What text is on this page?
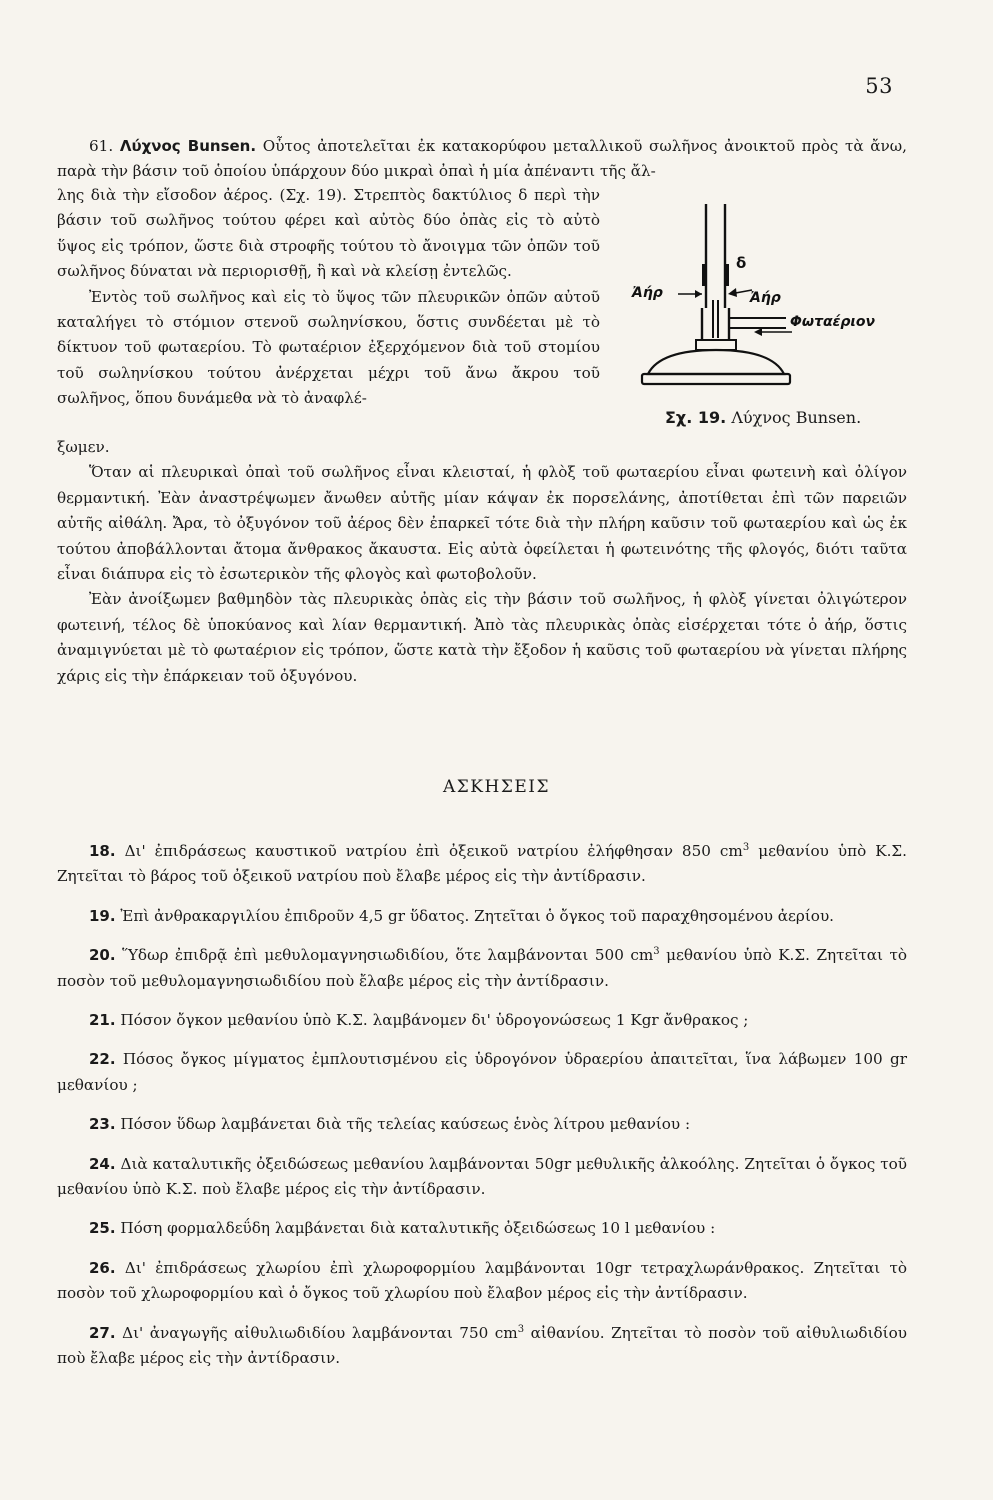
53

61. Λύχνος Bunsen. Οὗτος ἀποτελεῖται ἐκ κατακορύφου μεταλλικοῦ σωλῆνος ἀνοικτοῦ πρὸς τὰ ἄνω, παρὰ τὴν βάσιν τοῦ ὁποίου ὑπάρχουν δύο μικραὶ ὀπαὶ ἡ μία ἀπέναντι τῆς ἄλ-

λης διὰ τὴν εἴσοδον ἀέρος. (Σχ. 19). Στρεπτὸς δακτύλιος δ περὶ τὴν βάσιν τοῦ σωλῆνος τούτου φέρει καὶ αὐτὸς δύο ὀπὰς εἰς τὸ αὐτὸ ὕψος εἰς τρόπον, ὥστε διὰ στροφῆς τούτου τὸ ἄνοιγμα τῶν ὀπῶν τοῦ σωλῆνος δύναται νὰ περιορισθῇ, ἢ καὶ νὰ κλείσῃ ἐντελῶς.

Ἐντὸς τοῦ σωλῆνος καὶ εἰς τὸ ὕψος τῶν πλευρικῶν ὀπῶν αὐτοῦ καταλήγει τὸ στόμιον στενοῦ σωληνίσκου, ὅστις συνδέεται μὲ τὸ δίκτυον τοῦ φωταερίου. Τὸ φωταέριον ἐξερχόμενον διὰ τοῦ στομίου τοῦ σωληνίσκου τούτου ἀνέρχεται μέχρι τοῦ ἄνω ἄκρου τοῦ σωλῆνος, ὅπου δυνάμεθα νὰ τὸ ἀναφλέ-

δ
Ἀήρ	Ἀήρ
Φωταέριον
Σχ. 19. Λύχνος Bunsen.

ξωμεν.

Ὅταν αἱ πλευρικαὶ ὀπαὶ τοῦ σωλῆνος εἶναι κλεισταί, ἡ φλὸξ τοῦ φωταερίου εἶναι φωτεινὴ καὶ ὀλίγον θερμαντική. Ἐὰν ἀναστρέψωμεν ἄνωθεν αὐτῆς μίαν κάψαν ἐκ πορσελάνης, ἀποτίθεται ἐπὶ τῶν παρειῶν αὐτῆς αἰθάλη. Ἄρα, τὸ ὀξυγόνον τοῦ ἀέρος δὲν ἐπαρκεῖ τότε διὰ τὴν πλήρη καῦσιν τοῦ φωταερίου καὶ ὡς ἐκ τούτου ἀποβάλλονται ἄτομα ἄνθρακος ἄκαυστα. Εἰς αὐτὰ ὀφείλεται ἡ φωτεινότης τῆς φλογός, διότι ταῦτα εἶναι διάπυρα εἰς τὸ ἐσωτερικὸν τῆς φλογὸς καὶ φωτοβολοῦν.

Ἐὰν ἀνοίξωμεν βαθμηδὸν τὰς πλευρικὰς ὀπὰς εἰς τὴν βάσιν τοῦ σωλῆνος, ἡ φλὸξ γίνεται ὀλιγώτερον φωτεινή, τέλος δὲ ὑποκύανος καὶ λίαν θερμαντική. Ἀπὸ τὰς πλευρικὰς ὀπὰς εἰσέρχεται τότε ὁ ἀήρ, ὅστις ἀναμιγνύεται μὲ τὸ φωταέριον εἰς τρόπον, ὥστε κατὰ τὴν ἔξοδον ἡ καῦσις τοῦ φωταερίου νὰ γίνεται πλήρης χάρις εἰς τὴν ἐπάρκειαν τοῦ ὀξυγόνου.

ΑΣΚΗΣΕΙΣ

18. Δι' ἐπιδράσεως καυστικοῦ νατρίου ἐπὶ ὀξεικοῦ νατρίου ἐλήφθησαν 850 $cm^3$ μεθανίου ὑπὸ Κ.Σ. Ζητεῖται τὸ βάρος τοῦ ὀξεικοῦ νατρίου ποὺ ἔλαβε μέρος εἰς τὴν ἀντίδρασιν.

19. Ἐπὶ ἀνθρακαργιλίου ἐπιδροῦν 4,5 gr ὕδατος. Ζητεῖται ὁ ὄγκος τοῦ παραχθησομένου ἀερίου.

20. Ὕδωρ ἐπιδρᾷ ἐπὶ μεθυλομαγνησιωδιδίου, ὅτε λαμβάνονται 500 $cm^3$ μεθανίου ὑπὸ Κ.Σ. Ζητεῖται τὸ ποσὸν τοῦ μεθυλομαγνησιωδιδίου ποὺ ἔλαβε μέρος εἰς τὴν ἀντίδρασιν.

21. Πόσον ὄγκον μεθανίου ὑπὸ Κ.Σ. λαμβάνομεν δι' ὑδρογονώσεως 1 Kgr ἄνθρακος ;

22. Πόσος ὄγκος μίγματος ἐμπλουτισμένου εἰς ὑδρογόνον ὑδραερίου ἀπαιτεῖται, ἵνα λάβωμεν 100 gr μεθανίου ;

23. Πόσον ὕδωρ λαμβάνεται διὰ τῆς τελείας καύσεως ἑνὸς λίτρου μεθανίου :

24. Διὰ καταλυτικῆς ὀξειδώσεως μεθανίου λαμβάνονται 50gr μεθυλικῆς ἀλκοόλης. Ζητεῖται ὁ ὄγκος τοῦ μεθανίου ὑπὸ Κ.Σ. ποὺ ἔλαβε μέρος εἰς τὴν ἀντίδρασιν.

25. Πόση φορμαλδεΰδη λαμβάνεται διὰ καταλυτικῆς ὀξειδώσεως 10 l μεθανίου :

26. Δι' ἐπιδράσεως χλωρίου ἐπὶ χλωροφορμίου λαμβάνονται 10gr τετραχλωράνθρακος. Ζητεῖται τὸ ποσὸν τοῦ χλωροφορμίου καὶ ὁ ὄγκος τοῦ χλωρίου ποὺ ἔλαβον μέρος εἰς τὴν ἀντίδρασιν.

27. Δι' ἀναγωγῆς αἰθυλιωδιδίου λαμβάνονται 750 $cm^3$ αἰθανίου. Ζητεῖται τὸ ποσὸν τοῦ αἰθυλιωδιδίου ποὺ ἔλαβε μέρος εἰς τὴν ἀντίδρασιν.
